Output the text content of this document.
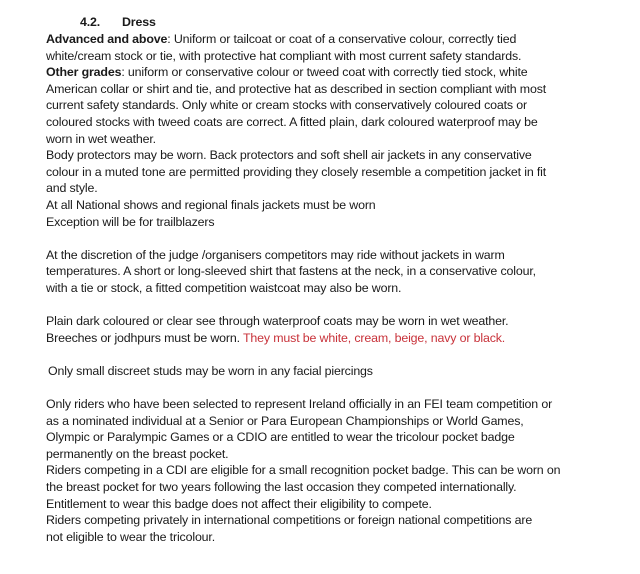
4.2. Dress
Advanced and above: Uniform or tailcoat or coat of a conservative colour, correctly tied
white/cream stock or tie, with protective hat compliant with most current safety standards.
Other grades: uniform or conservative colour or tweed coat with correctly tied stock, white
American collar or shirt and tie, and protective hat as described in section compliant with most
current safety standards. Only white or cream stocks with conservatively coloured coats or
coloured stocks with tweed coats are correct. A fitted plain, dark coloured waterproof may be
worn in wet weather.
Body protectors may be worn. Back protectors and soft shell air jackets in any conservative
colour in a muted tone are permitted providing they closely resemble a competition jacket in fit
and style.
At all National shows and regional finals jackets must be worn
Exception will be for trailblazers
At the discretion of the judge /organisers competitors may ride without jackets in warm
temperatures. A short or long-sleeved shirt that fastens at the neck, in a conservative colour,
with a tie or stock, a fitted competition waistcoat may also be worn.
Plain dark coloured or clear see through waterproof coats may be worn in wet weather.
Breeches or jodhpurs must be worn. They must be white, cream, beige, navy or black.
Only small discreet studs may be worn in any facial piercings
Only riders who have been selected to represent Ireland officially in an FEI team competition or
as a nominated individual at a Senior or Para European Championships or World Games,
Olympic or Paralympic Games or a CDIO are entitled to wear the tricolour pocket badge
permanently on the breast pocket.
Riders competing in a CDI are eligible for a small recognition pocket badge. This can be worn on
the breast pocket for two years following the last occasion they competed internationally.
Entitlement to wear this badge does not affect their eligibility to compete.
Riders competing privately in international competitions or foreign national competitions are
not eligible to wear the tricolour.
